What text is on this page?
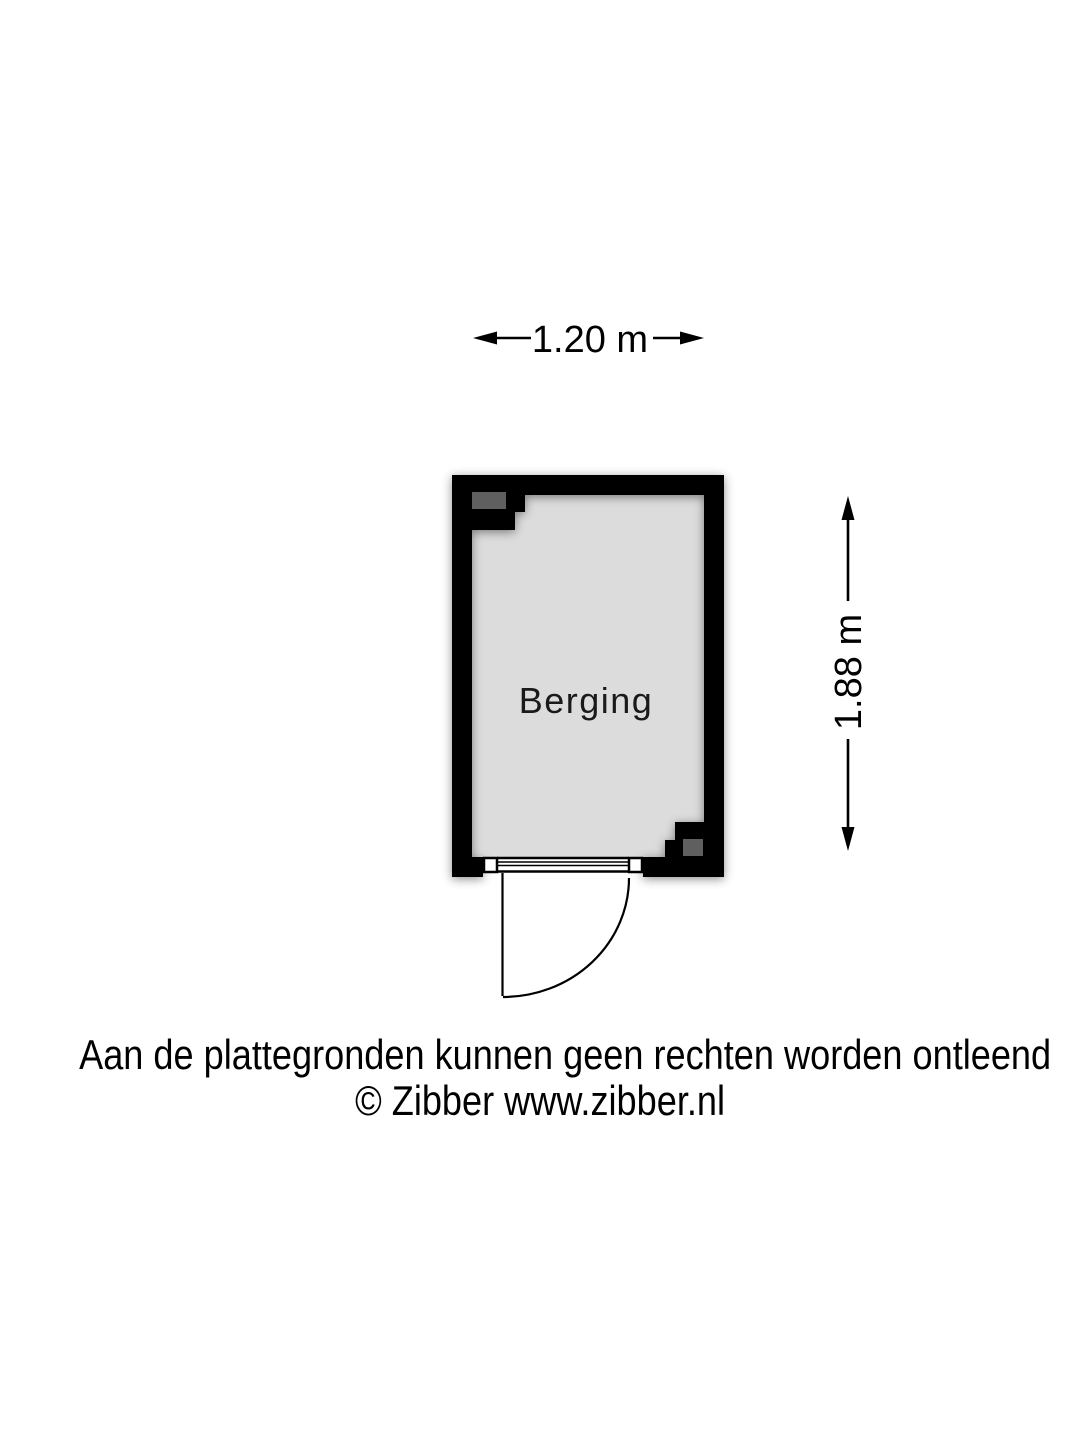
1.20 m
1.88 m
Berging
Aan de plattegronden kunnen geen rechten worden ontleend
© Zibber www.zibber.nl
